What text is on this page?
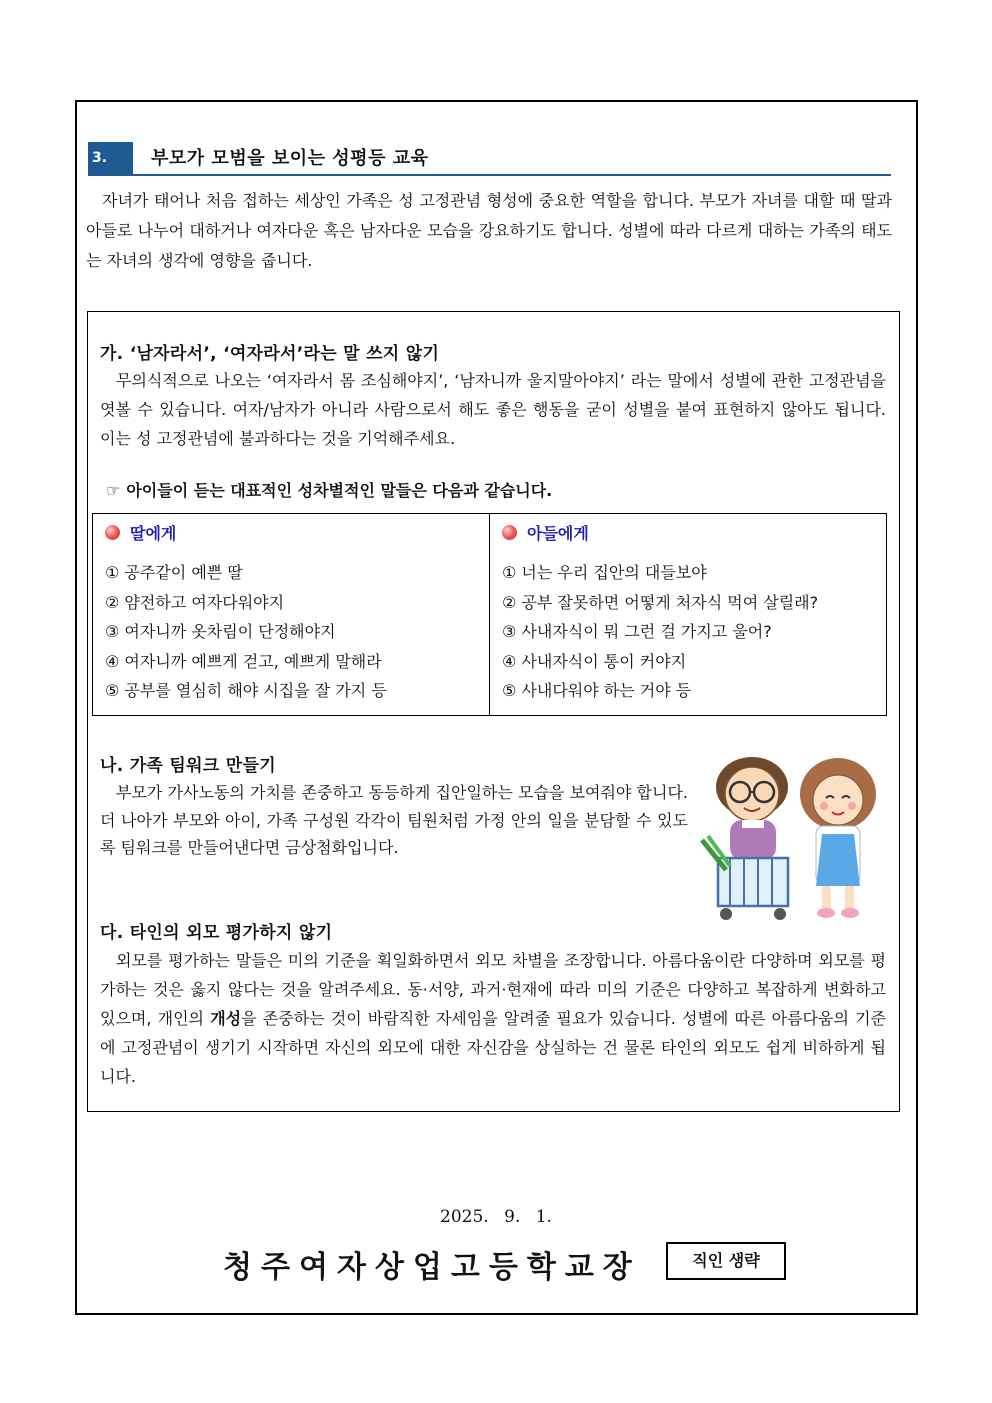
3.	부모가 모범을 보이는 성평등 교육

자녀가 태어나 처음 접하는 세상인 가족은 성 고정관념 형성에 중요한 역할을 합니다. 부모가 자녀를 대할 때 딸과 아들로 나누어 대하거나 여자다운 혹은 남자다운 모습을 강요하기도 합니다. 성별에 따라 다르게 대하는 가족의 태도는 자녀의 생각에 영향을 줍니다.

가. ‘남자라서’, ‘여자라서’라는 말 쓰지 않기

무의식적으로 나오는 ‘여자라서 몸 조심해야지’, ‘남자니까 울지말아야지’ 라는 말에서 성별에 관한 고정관념을 엿볼 수 있습니다. 여자/남자가 아니라 사람으로서 해도 좋은 행동을 굳이 성별을 붙여 표현하지 않아도 됩니다. 이는 성 고정관념에 불과하다는 것을 기억해주세요.

☞ 아이들이 듣는 대표적인 성차별적인 말들은 다음과 같습니다.
딸에게
① 공주같이 예쁜 딸
② 얌전하고 여자다워야지
③ 여자니까 옷차림이 단정해야지
④ 여자니까 예쁘게 걷고, 예쁘게 말해라
⑤ 공부를 열심히 해야 시집을 잘 가지 등
아들에게
① 너는 우리 집안의 대들보야
② 공부 잘못하면 어떻게 처자식 먹여 살릴래?
③ 사내자식이 뭐 그런 걸 가지고 울어?
④ 사내자식이 통이 커야지
⑤ 사내다워야 하는 거야 등
나. 가족 팀워크 만들기

부모가 가사노동의 가치를 존중하고 동등하게 집안일하는 모습을 보여줘야 합니다. 더 나아가 부모와 아이, 가족 구성원 각각이 팀원처럼 가정 안의 일을 분담할 수 있도록 팀워크를 만들어낸다면 금상첨화입니다.

다. 타인의 외모 평가하지 않기

외모를 평가하는 말들은 미의 기준을 획일화하면서 외모 차별을 조장합니다. 아름다움이란 다양하며 외모를 평가하는 것은 옳지 않다는 것을 알려주세요. 동·서양, 과거·현재에 따라 미의 기준은 다양하고 복잡하게 변화하고 있으며, 개인의 개성을 존중하는 것이 바람직한 자세임을 알려줄 필요가 있습니다. 성별에 따른 아름다움의 기준에 고정관념이 생기기 시작하면 자신의 외모에 대한 자신감을 상실하는 건 물론 타인의 외모도 쉽게 비하하게 됩니다.

2025. 9. 1.
청주여자상업고등학교장	직인 생략
